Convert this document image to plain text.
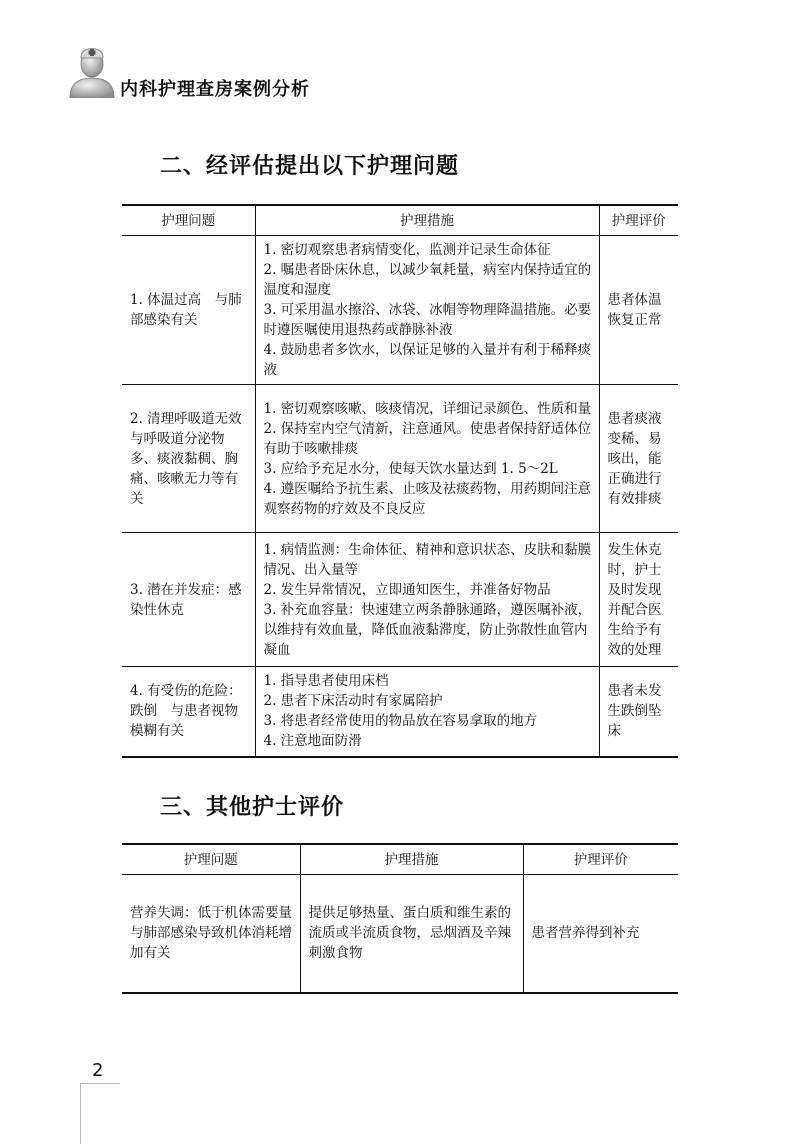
内科护理查房案例分析
二、经评估提出以下护理问题
护理问题	护理措施	护理评价
1. 体温过高　与肺部感染有关	1. 密切观察患者病情变化，监测并记录生命体征
2. 嘱患者卧床休息，以减少氧耗量，病室内保持适宜的温度和湿度
3. 可采用温水擦浴、冰袋、冰帽等物理降温措施。必要时遵医嘱使用退热药或静脉补液
4. 鼓励患者多饮水，以保证足够的入量并有利于稀释痰液	患者体温恢复正常
2. 清理呼吸道无效　与呼吸道分泌物多、痰液黏稠、胸痛、咳嗽无力等有关	1. 密切观察咳嗽、咳痰情况，详细记录颜色、性质和量
2. 保持室内空气清新，注意通风。使患者保持舒适体位有助于咳嗽排痰
3. 应给予充足水分，使每天饮水量达到 1. 5～2L
4. 遵医嘱给予抗生素、止咳及祛痰药物，用药期间注意观察药物的疗效及不良反应	患者痰液变稀、易咳出，能正确进行有效排痰
3. 潜在并发症：感染性休克	1. 病情监测：生命体征、精神和意识状态、皮肤和黏膜情况、出入量等
2. 发生异常情况，立即通知医生，并准备好物品
3. 补充血容量：快速建立两条静脉通路，遵医嘱补液，以维持有效血量，降低血液黏滞度，防止弥散性血管内凝血	发生休克时，护士及时发现并配合医生给予有效的处理
4. 有受伤的危险：跌倒　与患者视物模糊有关	1. 指导患者使用床档
2. 患者下床活动时有家属陪护
3. 将患者经常使用的物品放在容易拿取的地方
4. 注意地面防滑	患者未发生跌倒坠床
三、其他护士评价
护理问题	护理措施	护理评价
营养失调：低于机体需要量　与肺部感染导致机体消耗增加有关	提供足够热量、蛋白质和维生素的流质或半流质食物，忌烟酒及辛辣刺激食物	患者营养得到补充
2
